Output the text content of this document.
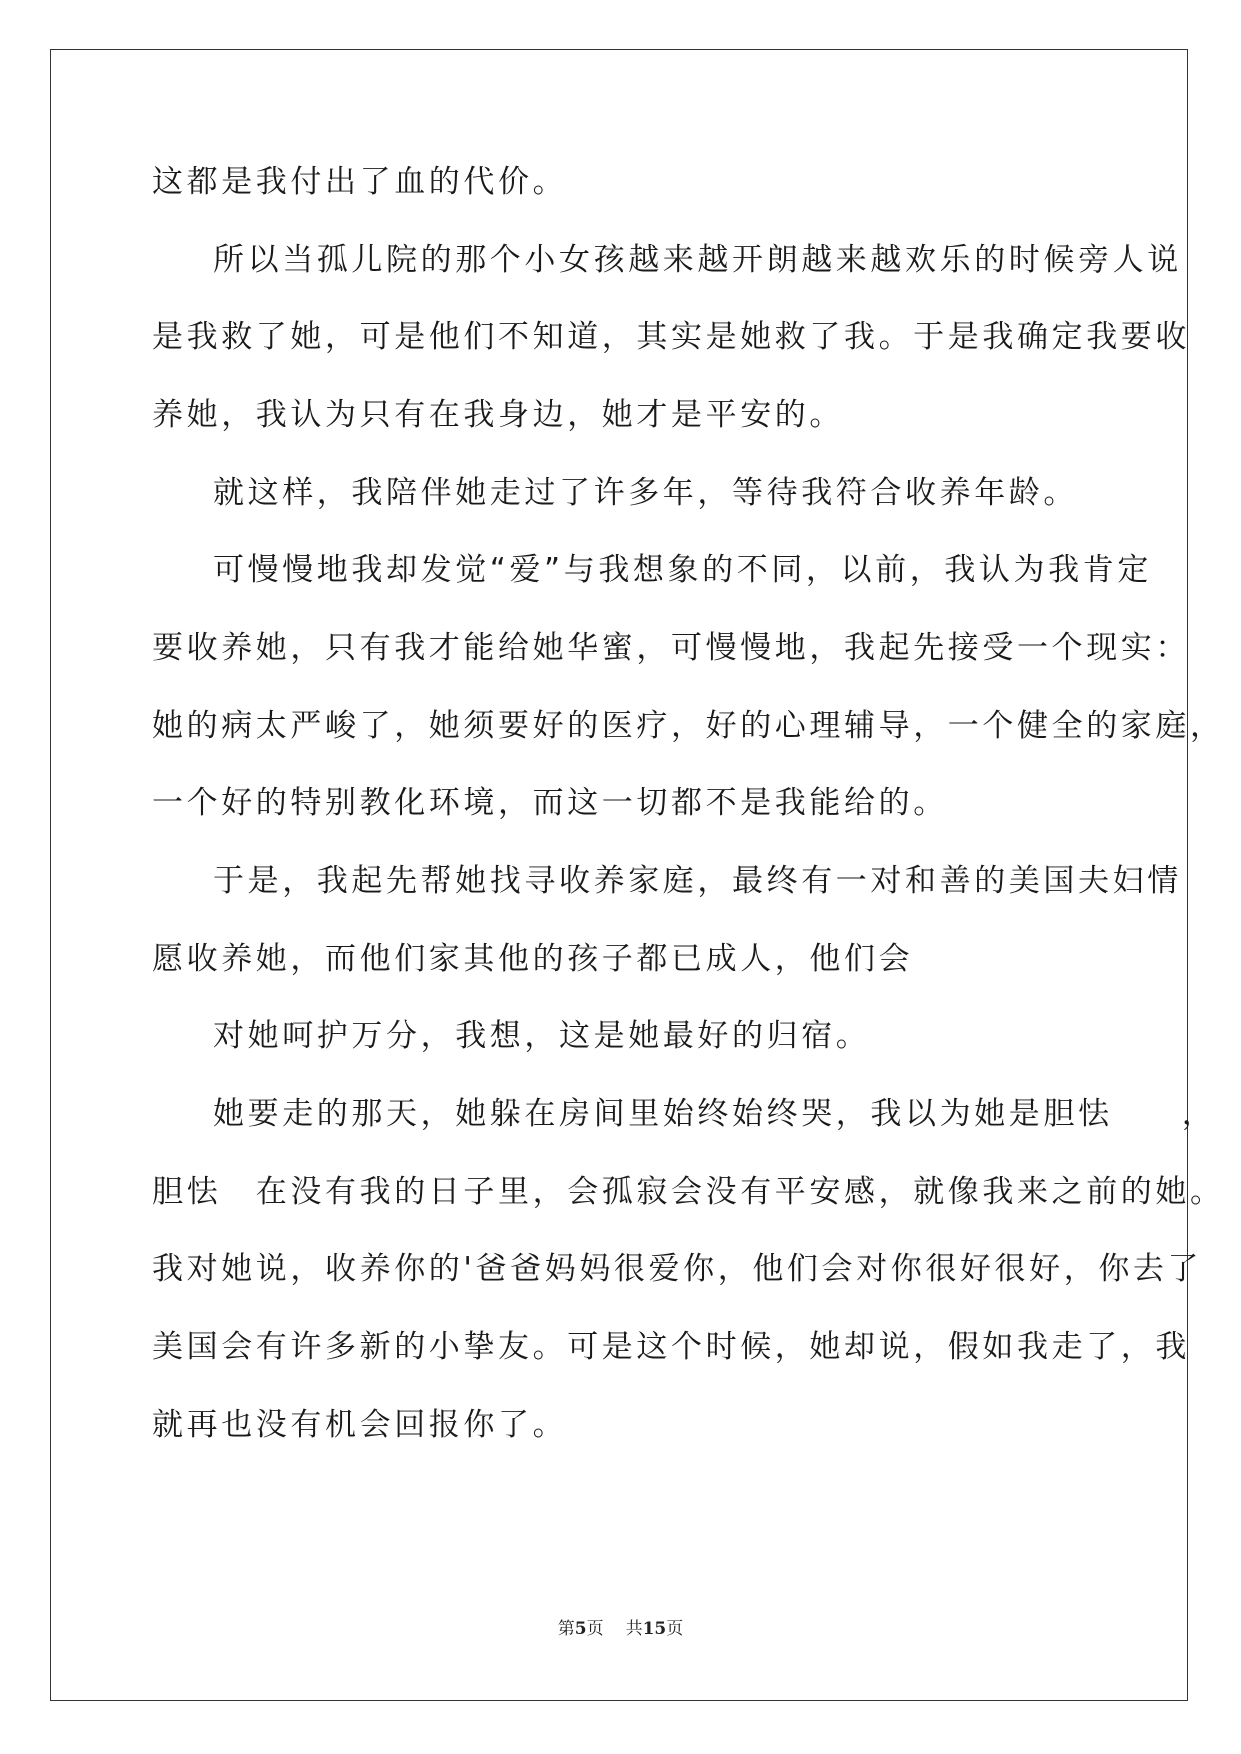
这都是我付出了血的代价。
所以当孤儿院的那个小女孩越来越开朗越来越欢乐的时候旁人说
是我救了她，可是他们不知道，其实是她救了我。于是我确定我要收
养她，我认为只有在我身边，她才是平安的。
就这样，我陪伴她走过了许多年，等待我符合收养年龄。
可慢慢地我却发觉“爱”与我想象的不同，以前，我认为我肯定
要收养她，只有我才能给她华蜜，可慢慢地，我起先接受一个现实：
她的病太严峻了，她须要好的医疗，好的心理辅导，一个健全的家庭，
一个好的特别教化环境，而这一切都不是我能给的。
于是，我起先帮她找寻收养家庭，最终有一对和善的美国夫妇情
愿收养她，而他们家其他的孩子都已成人，他们会
对她呵护万分，我想，这是她最好的归宿。
她要走的那天，她躲在房间里始终始终哭，我以为她是胆怯　　，
胆怯　在没有我的日子里，会孤寂会没有平安感，就像我来之前的她。
我对她说，收养你的'爸爸妈妈很爱你，他们会对你很好很好，你去了
美国会有许多新的小挚友。可是这个时候，她却说，假如我走了，我
就再也没有机会回报你了。
第5页 共15页
